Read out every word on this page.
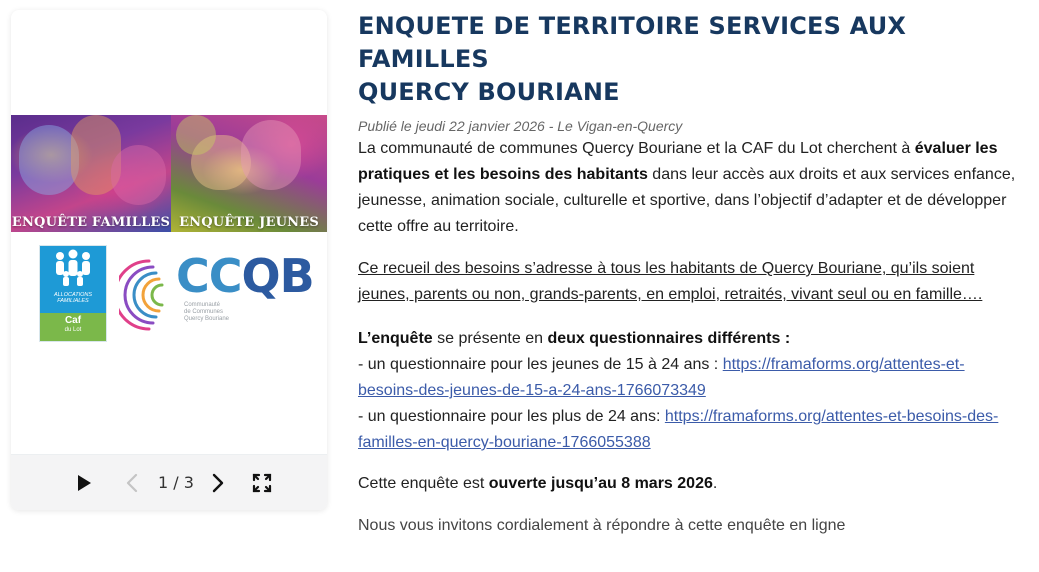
ENQUÊTE FAMILLES ENQUÊTE JEUNES
ALLOCATIONS FAMILIALES
Caf
du Lot
CCQB
Communauté
de Communes
Quercy Bouriane
1 / 3
ENQUETE DE TERRITOIRE SERVICES AUX FAMILLES
QUERCY BOURIANE
Publié le jeudi 22 janvier 2026 - Le Vigan-en-Quercy

La communauté de communes Quercy Bouriane et la CAF du Lot cherchent à évaluer les pratiques et les besoins des habitants dans leur accès aux droits et aux services enfance, jeunesse, animation sociale, culturelle et sportive, dans l’objectif d’adapter et de développer cette offre au territoire.

Ce recueil des besoins s’adresse à tous les habitants de Quercy Bouriane, qu’ils soient jeunes, parents ou non, grands-parents, en emploi, retraités, vivant seul ou en famille….

L’enquête se présente en deux questionnaires différents :
- un questionnaire pour les jeunes de 15 à 24 ans : https://framaforms.org/attentes-et-besoins-des-jeunes-de-15-a-24-ans-1766073349
- un questionnaire pour les plus de 24 ans: https://framaforms.org/attentes-et-besoins-des-familles-en-quercy-bouriane-1766055388

Cette enquête est ouverte jusqu’au 8 mars 2026.

Nous vous invitons cordialement à répondre à cette enquête en ligne
